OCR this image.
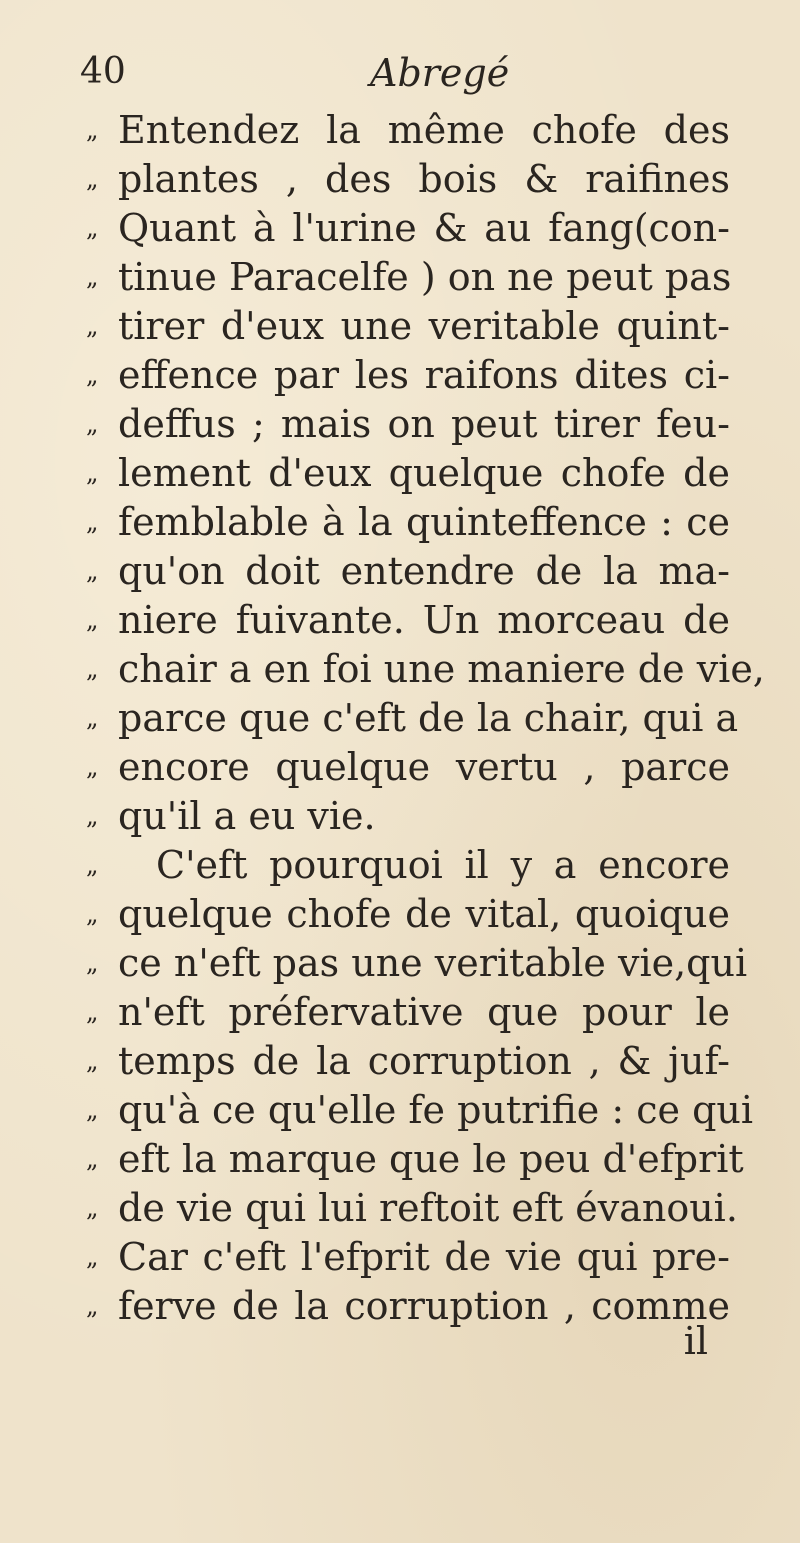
40	Abregé
„ Entendez la même chofe des
„ plantes , des bois & raifines
„ Quant à l'urine & au fang(con-
„ tinue Paracelfe ) on ne peut pas
„ tirer d'eux une veritable quint-
„ effence par les raifons dites ci-
„ deffus ; mais on peut tirer feu-
„ lement d'eux quelque chofe de
„ femblable à la quinteffence : ce
„ qu'on doit entendre de la ma-
„ niere fuivante. Un morceau de
„ chair a en foi une maniere de vie,
„ parce que c'eft de la chair, qui a
„ encore quelque vertu , parce
„ qu'il a eu vie.
„ C'eft pourquoi il y a encore
„ quelque chofe de vital, quoique
„ ce n'eft pas une veritable vie,qui
„ n'eft préfervative que pour le
„ temps de la corruption , & juf-
„ qu'à ce qu'elle fe putrifie : ce qui
„ eft la marque que le peu d'efprit
„ de vie qui lui reftoit eft évanoui.
„ Car c'eft l'efprit de vie qui pre-
„ ferve de la corruption , comme
il
